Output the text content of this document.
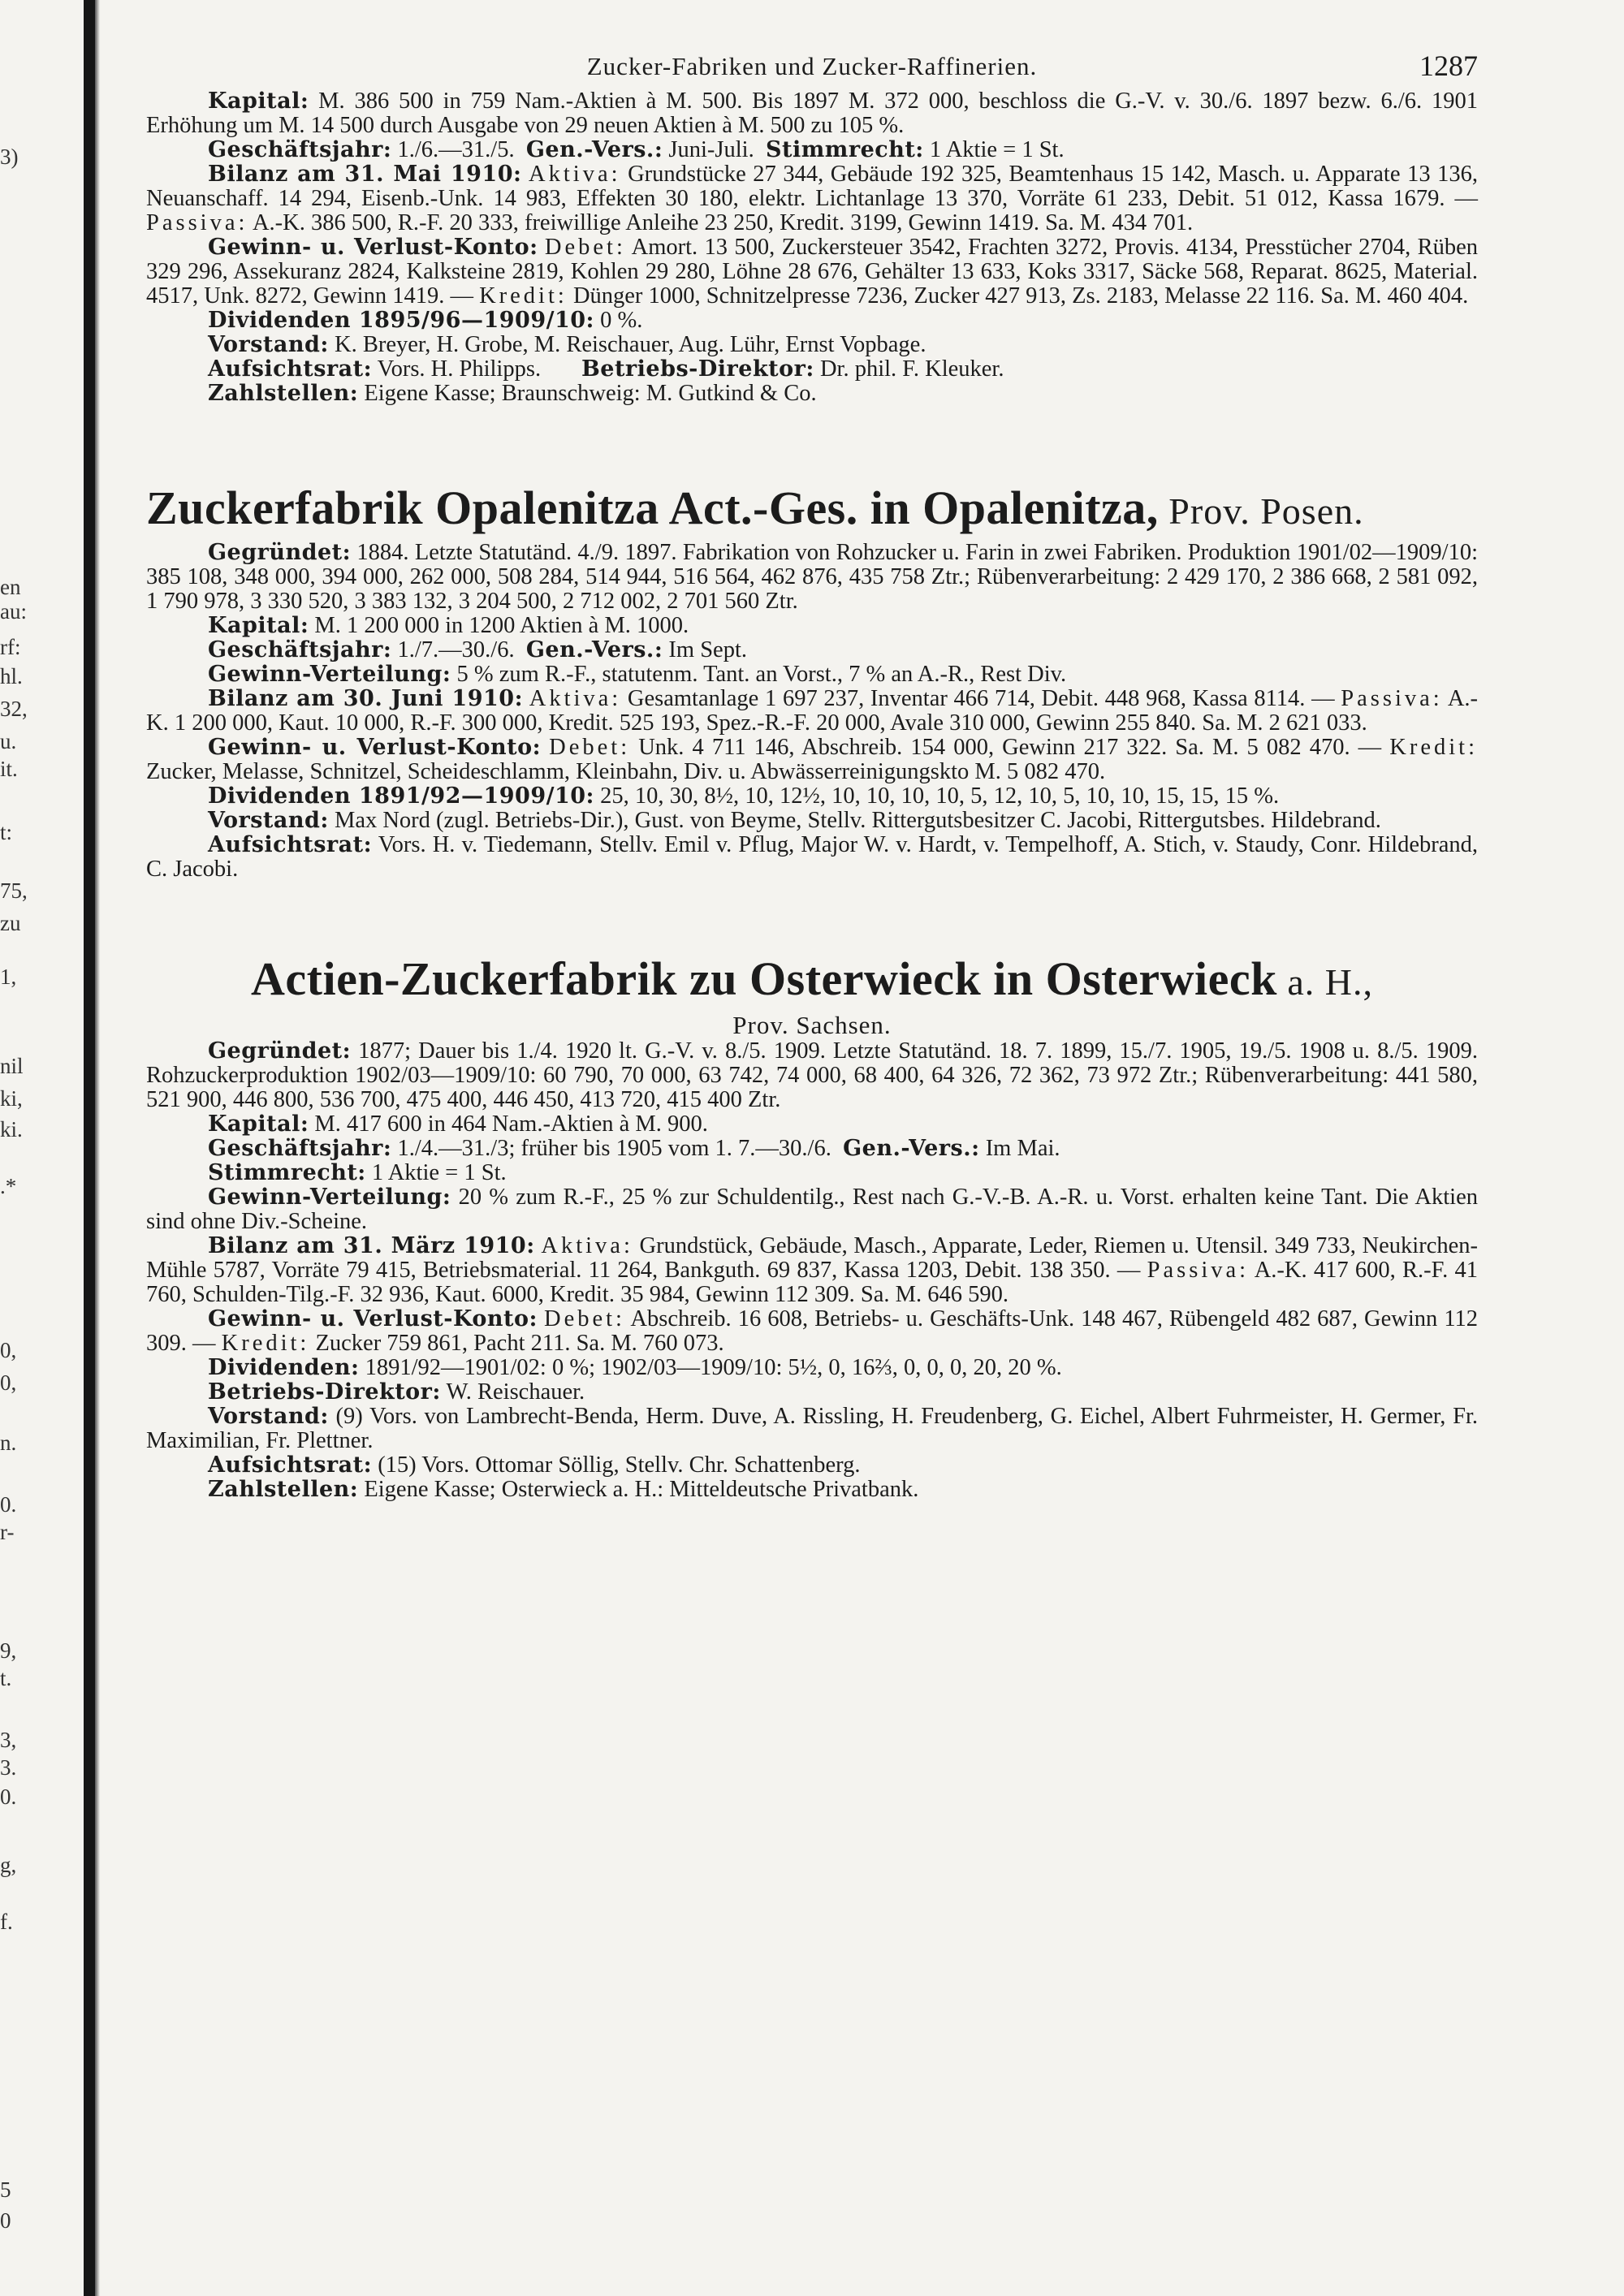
3)
en
au:
rf:
hl.
32,
u.
it.
t:
75,
zu
1,
nil
ki,
ki.
.*
0,
0,
n.
0.
r-
9,
t.
3,
3.
0.
g,
f.
5
0
Zucker-Fabriken und Zucker-Raffinerien.	1287

Kapital: M. 386 500 in 759 Nam.-Aktien à M. 500. Bis 1897 M. 372 000, beschloss die G.-V. v. 30./6. 1897 bezw. 6./6. 1901 Erhöhung um M. 14 500 durch Ausgabe von 29 neuen Aktien à M. 500 zu 105 %.

Geschäftsjahr: 1./6.—31./5. Gen.-Vers.: Juni-Juli. Stimmrecht: 1 Aktie = 1 St.

Bilanz am 31. Mai 1910: Aktiva: Grundstücke 27 344, Gebäude 192 325, Beamtenhaus 15 142, Masch. u. Apparate 13 136, Neuanschaff. 14 294, Eisenb.-Unk. 14 983, Effekten 30 180, elektr. Lichtanlage 13 370, Vorräte 61 233, Debit. 51 012, Kassa 1679. — Passiva: A.-K. 386 500, R.-F. 20 333, freiwillige Anleihe 23 250, Kredit. 3199, Gewinn 1419. Sa. M. 434 701.

Gewinn- u. Verlust-Konto: Debet: Amort. 13 500, Zuckersteuer 3542, Frachten 3272, Provis. 4134, Presstücher 2704, Rüben 329 296, Assekuranz 2824, Kalksteine 2819, Kohlen 29 280, Löhne 28 676, Gehälter 13 633, Koks 3317, Säcke 568, Reparat. 8625, Material. 4517, Unk. 8272, Gewinn 1419. — Kredit: Dünger 1000, Schnitzelpresse 7236, Zucker 427 913, Zs. 2183, Melasse 22 116. Sa. M. 460 404.

Dividenden 1895/96—1909/10: 0 %.

Vorstand: K. Breyer, H. Grobe, M. Reischauer, Aug. Lühr, Ernst Vopbage.

Aufsichtsrat: Vors. H. Philipps. Betriebs-Direktor: Dr. phil. F. Kleuker.

Zahlstellen: Eigene Kasse; Braunschweig: M. Gutkind & Co.

Zuckerfabrik Opalenitza Act.-Ges. in Opalenitza, Prov. Posen.

Gegründet: 1884. Letzte Statutänd. 4./9. 1897. Fabrikation von Rohzucker u. Farin in zwei Fabriken. Produktion 1901/02—1909/10: 385 108, 348 000, 394 000, 262 000, 508 284, 514 944, 516 564, 462 876, 435 758 Ztr.; Rübenverarbeitung: 2 429 170, 2 386 668, 2 581 092, 1 790 978, 3 330 520, 3 383 132, 3 204 500, 2 712 002, 2 701 560 Ztr.

Kapital: M. 1 200 000 in 1200 Aktien à M. 1000.

Geschäftsjahr: 1./7.—30./6. Gen.-Vers.: Im Sept.

Gewinn-Verteilung: 5 % zum R.-F., statutenm. Tant. an Vorst., 7 % an A.-R., Rest Div.

Bilanz am 30. Juni 1910: Aktiva: Gesamtanlage 1 697 237, Inventar 466 714, Debit. 448 968, Kassa 8114. — Passiva: A.-K. 1 200 000, Kaut. 10 000, R.-F. 300 000, Kredit. 525 193, Spez.-R.-F. 20 000, Avale 310 000, Gewinn 255 840. Sa. M. 2 621 033.

Gewinn- u. Verlust-Konto: Debet: Unk. 4 711 146, Abschreib. 154 000, Gewinn 217 322. Sa. M. 5 082 470. — Kredit: Zucker, Melasse, Schnitzel, Scheideschlamm, Kleinbahn, Div. u. Abwässerreinigungskto M. 5 082 470.

Dividenden 1891/92—1909/10: 25, 10, 30, 8½, 10, 12½, 10, 10, 10, 10, 5, 12, 10, 5, 10, 10, 15, 15, 15 %.

Vorstand: Max Nord (zugl. Betriebs-Dir.), Gust. von Beyme, Stellv. Rittergutsbesitzer C. Jacobi, Rittergutsbes. Hildebrand.

Aufsichtsrat: Vors. H. v. Tiedemann, Stellv. Emil v. Pflug, Major W. v. Hardt, v. Tempelhoff, A. Stich, v. Staudy, Conr. Hildebrand, C. Jacobi.

Actien-Zuckerfabrik zu Osterwieck in Osterwieck a. H.,
Prov. Sachsen.

Gegründet: 1877; Dauer bis 1./4. 1920 lt. G.-V. v. 8./5. 1909. Letzte Statutänd. 18. 7. 1899, 15./7. 1905, 19./5. 1908 u. 8./5. 1909. Rohzuckerproduktion 1902/03—1909/10: 60 790, 70 000, 63 742, 74 000, 68 400, 64 326, 72 362, 73 972 Ztr.; Rübenverarbeitung: 441 580, 521 900, 446 800, 536 700, 475 400, 446 450, 413 720, 415 400 Ztr.

Kapital: M. 417 600 in 464 Nam.-Aktien à M. 900.

Geschäftsjahr: 1./4.—31./3; früher bis 1905 vom 1. 7.—30./6. Gen.-Vers.: Im Mai.

Stimmrecht: 1 Aktie = 1 St.

Gewinn-Verteilung: 20 % zum R.-F., 25 % zur Schuldentilg., Rest nach G.-V.-B. A.-R. u. Vorst. erhalten keine Tant. Die Aktien sind ohne Div.-Scheine.

Bilanz am 31. März 1910: Aktiva: Grundstück, Gebäude, Masch., Apparate, Leder, Riemen u. Utensil. 349 733, Neukirchen-Mühle 5787, Vorräte 79 415, Betriebsmaterial. 11 264, Bankguth. 69 837, Kassa 1203, Debit. 138 350. — Passiva: A.-K. 417 600, R.-F. 41 760, Schulden-Tilg.-F. 32 936, Kaut. 6000, Kredit. 35 984, Gewinn 112 309. Sa. M. 646 590.

Gewinn- u. Verlust-Konto: Debet: Abschreib. 16 608, Betriebs- u. Geschäfts-Unk. 148 467, Rübengeld 482 687, Gewinn 112 309. — Kredit: Zucker 759 861, Pacht 211. Sa. M. 760 073.

Dividenden: 1891/92—1901/02: 0 %; 1902/03—1909/10: 5½, 0, 16⅔, 0, 0, 0, 20, 20 %.

Betriebs-Direktor: W. Reischauer.

Vorstand: (9) Vors. von Lambrecht-Benda, Herm. Duve, A. Rissling, H. Freudenberg, G. Eichel, Albert Fuhrmeister, H. Germer, Fr. Maximilian, Fr. Plettner.

Aufsichtsrat: (15) Vors. Ottomar Söllig, Stellv. Chr. Schattenberg.

Zahlstellen: Eigene Kasse; Osterwieck a. H.: Mitteldeutsche Privatbank.
